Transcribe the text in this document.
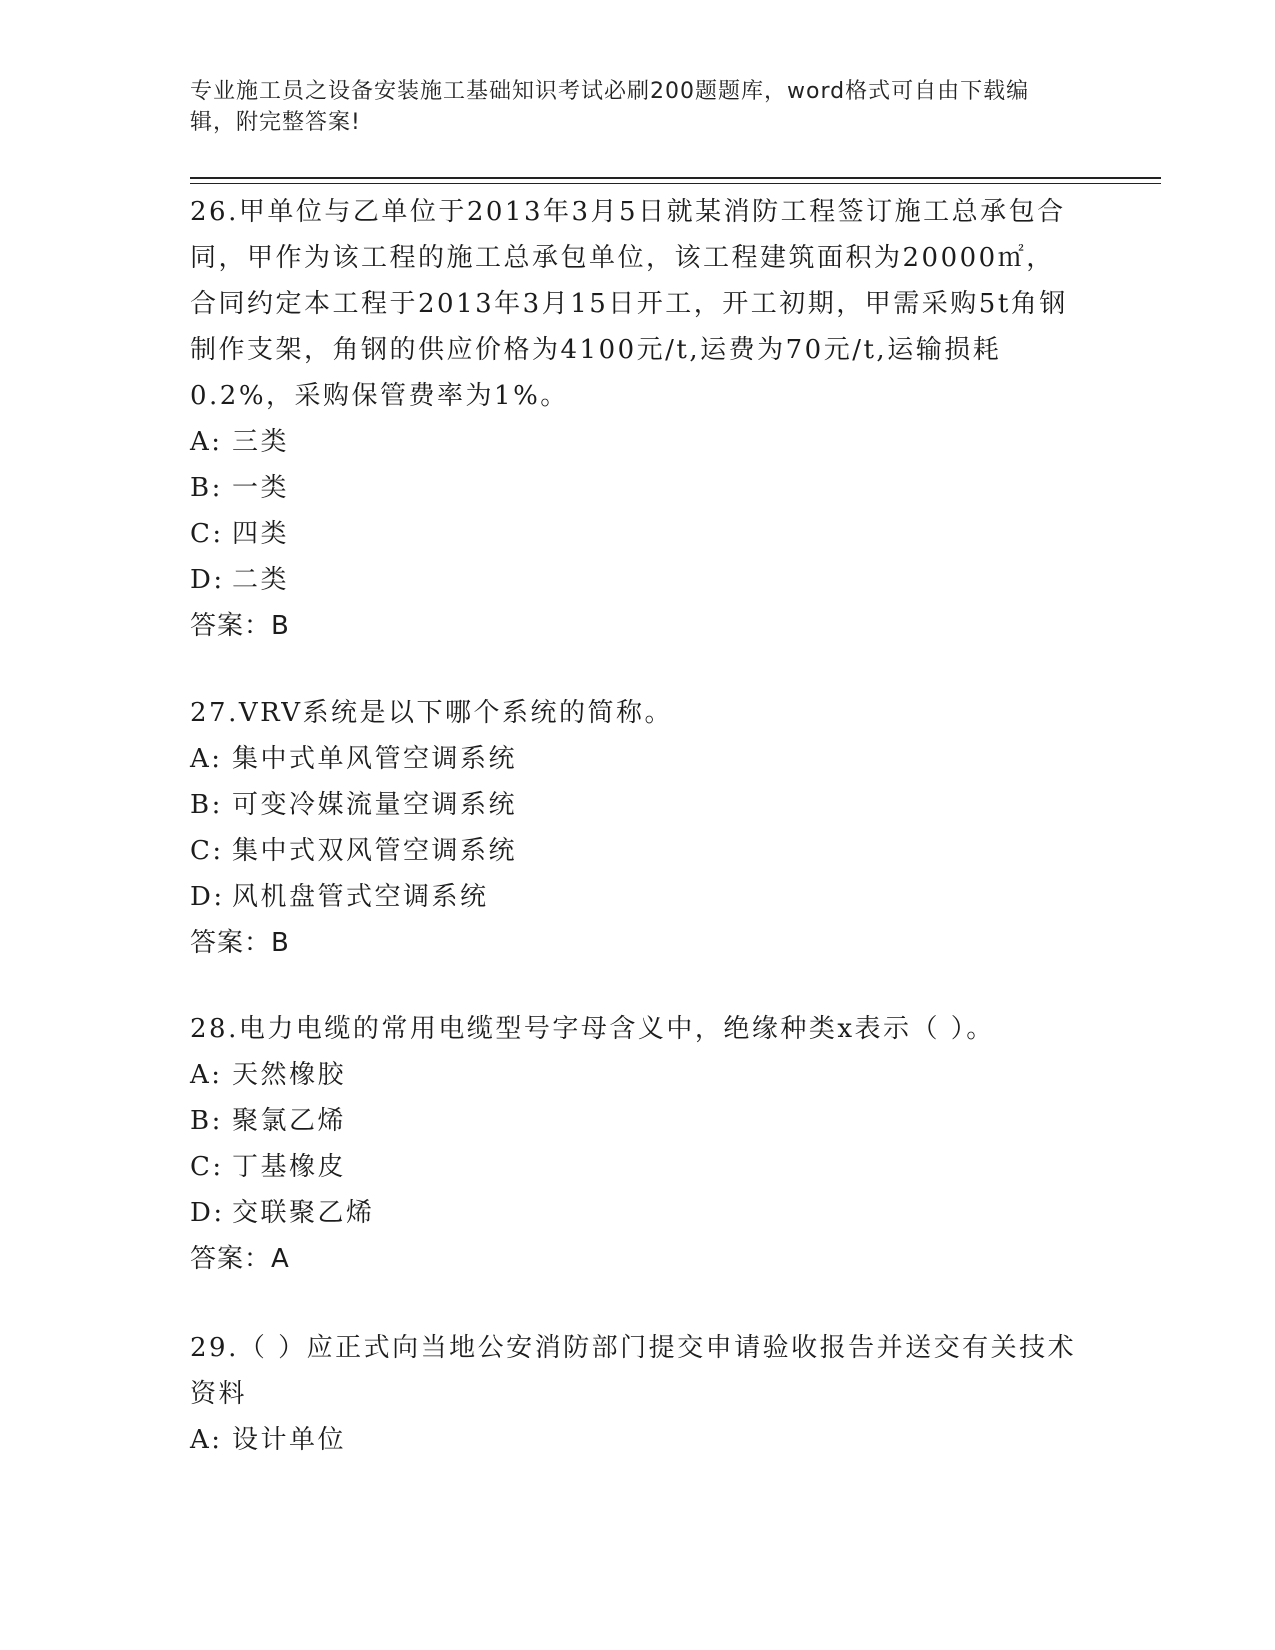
专业施工员之设备安装施工基础知识考试必刷200题题库，word格式可自由下载编辑，附完整答案!
26.甲单位与乙单位于2013年3月5日就某消防工程签订施工总承包合同，甲作为该工程的施工总承包单位，该工程建筑面积为20000㎡，合同约定本工程于2013年3月15日开工，开工初期，甲需采购5t角钢制作支架，角钢的供应价格为4100元/t,运费为70元/t,运输损耗0.2%，采购保管费率为1%。
A: 三类
B: 一类
C: 四类
D: 二类
答案：B
27.VRV系统是以下哪个系统的简称。
A: 集中式单风管空调系统
B: 可变冷媒流量空调系统
C: 集中式双风管空调系统
D: 风机盘管式空调系统
答案：B
28.电力电缆的常用电缆型号字母含义中，绝缘种类x表示（ ）。
A: 天然橡胶
B: 聚氯乙烯
C: 丁基橡皮
D: 交联聚乙烯
答案：A
29.（ ）应正式向当地公安消防部门提交申请验收报告并送交有关技术资料
A: 设计单位
